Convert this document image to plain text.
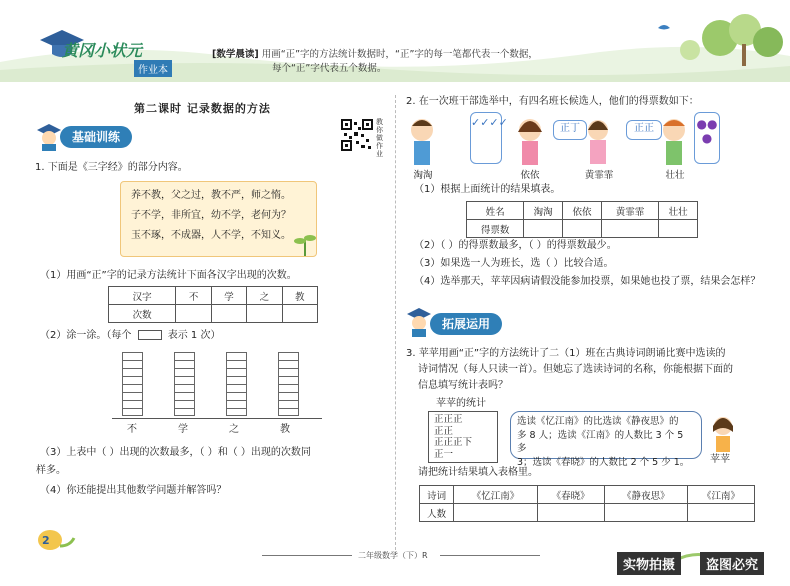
黄冈小状元
作业本
[数学晨读] 用画“正”字的方法统计数据时，“正”字的每一笔都代表一个数据，
每个“正”字代表五个数据。
第二课时 记录数据的方法
教你做作业
基础训练
1. 下面是《三字经》的部分内容。
养不教，父之过，教不严，师之惰。
子不学，非所宜，幼不学，老何为？
玉不琢，不成器，人不学，不知义。
（1）用画“正”字的记录方法统计下面各汉字出现的次数。
汉字	不	学	之	教
次数				
（2）涂一涂。（每个	表示 1 次）
不	学	之	教
（3）上表中（ ）出现的次数最多，（ ）和（ ）出现的次数同
样多。
（4）你还能提出其他数学问题并解答吗？
2
2. 在一次班干部选举中，有四名班长候选人，他们的得票数如下：
✓✓✓✓	正丁	正正	●●●
淘淘	依依	黄霏霏	壮壮
（1）根据上面统计的结果填表。
姓名	淘淘	依依	黄霏霏	壮壮
得票数				
（2）（ ）的得票数最多，（ ）的得票数最少。
（3）如果选一人为班长，选（ ）比较合适。
（4）选举那天，苹苹因病请假没能参加投票，如果她也投了票，结果会怎样？
拓展运用
3. 苹苹用画“正”字的方法统计了二（1）班在古典诗词朗诵比赛中选读的
诗词情况（每人只读一首）。但她忘了选读诗词的名称，你能根据下面的
信息填写统计表吗？
苹苹的统计
正正正
正正
正正正下
正一
选读《忆江南》的比选读《静夜思》的
多 8 人；选读《江南》的人数比 3 个 5 多
3；选读《春晓》的人数比 2 个 5 少 1。	苹苹
请把统计结果填入表格里。
诗词	《忆江南》	《春晓》	《静夜思》	《江南》
人数				
二年级数学（下）R
实物拍摄	盗图必究
